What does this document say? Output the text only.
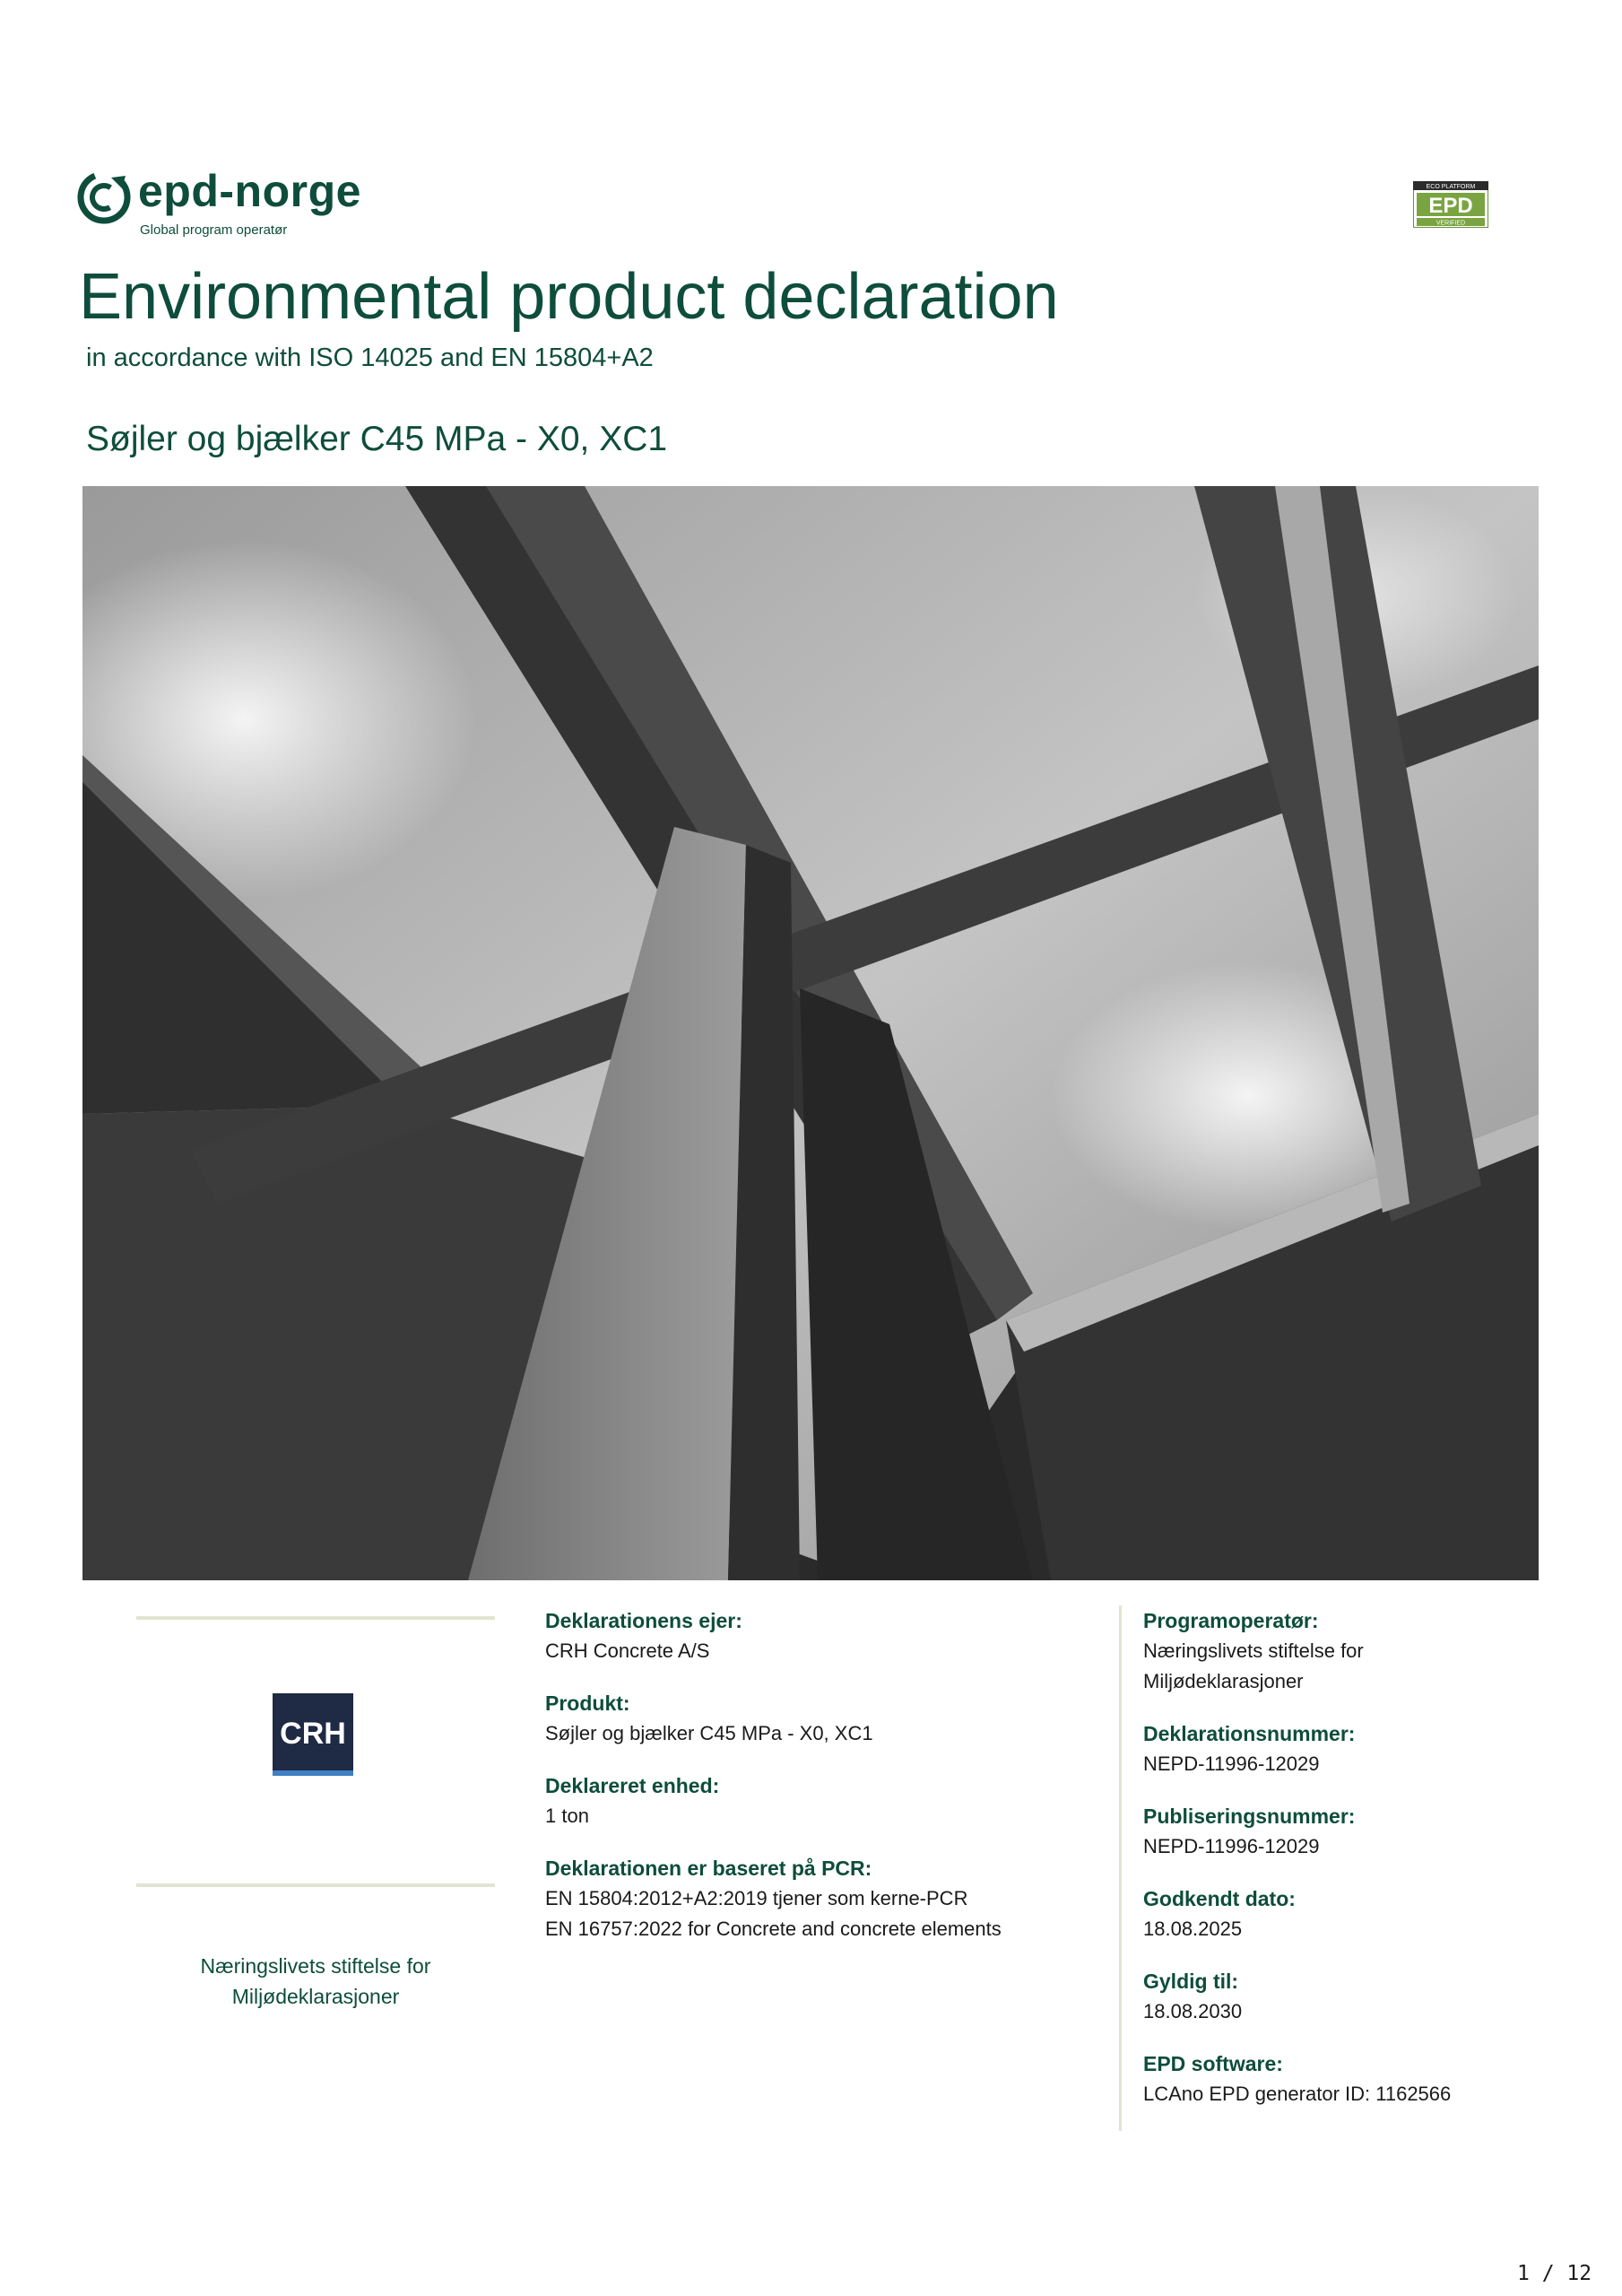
epd-norge
Global program operatør
ECO PLATFORM
EPD
VERIFIED
Environmental product declaration
in accordance with ISO 14025 and EN 15804+A2
Søjler og bjælker C45 MPa - X0, XC1
CRH
Næringslivets stiftelse for
Miljødeklarasjoner
Deklarationens ejer:
CRH Concrete A/S
Produkt:
Søjler og bjælker C45 MPa - X0, XC1
Deklareret enhed:
1 ton
Deklarationen er baseret på PCR:
EN 15804:2012+A2:2019 tjener som kerne-PCR
EN 16757:2022 for Concrete and concrete elements
Programoperatør:
Næringslivets stiftelse for
Miljødeklarasjoner
Deklarationsnummer:
NEPD-11996-12029
Publiseringsnummer:
NEPD-11996-12029
Godkendt dato:
18.08.2025
Gyldig til:
18.08.2030
EPD software:
LCAno EPD generator ID: 1162566
1 / 12
